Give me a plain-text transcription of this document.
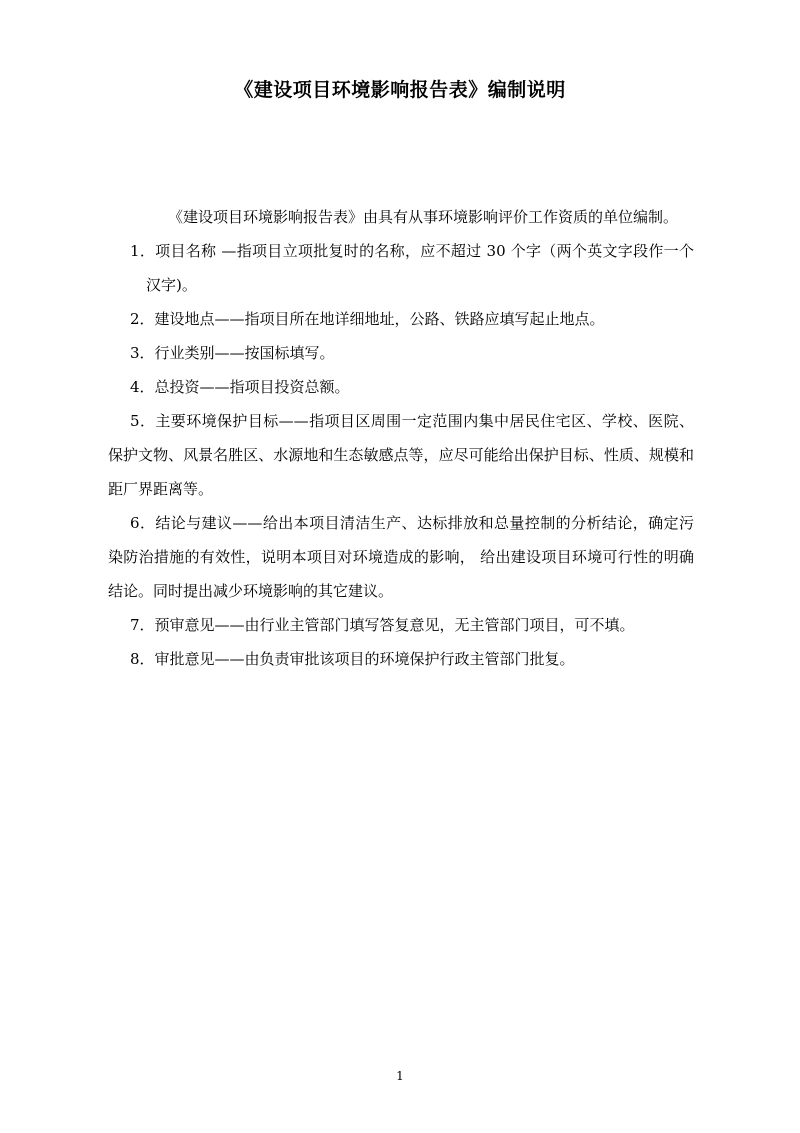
《建设项目环境影响报告表》编制说明

《建设项目环境影响报告表》由具有从事环境影响评价工作资质的单位编制。

1．项目名称 —指项目立项批复时的名称，应不超过 30 个字（两个英文字段作一个汉字)。

2．建设地点——指项目所在地详细地址，公路、铁路应填写起止地点。

3．行业类别——按国标填写。

4．总投资——指项目投资总额。

5．主要环境保护目标——指项目区周围一定范围内集中居民住宅区、学校、医院、保护文物、风景名胜区、水源地和生态敏感点等，应尽可能给出保护目标、性质、规模和距厂界距离等。

6．结论与建议——给出本项目清洁生产、达标排放和总量控制的分析结论，确定污染防治措施的有效性，说明本项目对环境造成的影响， 给出建设项目环境可行性的明确结论。同时提出减少环境影响的其它建议。

7．预审意见——由行业主管部门填写答复意见，无主管部门项目，可不填。

8．审批意见——由负责审批该项目的环境保护行政主管部门批复。

1
